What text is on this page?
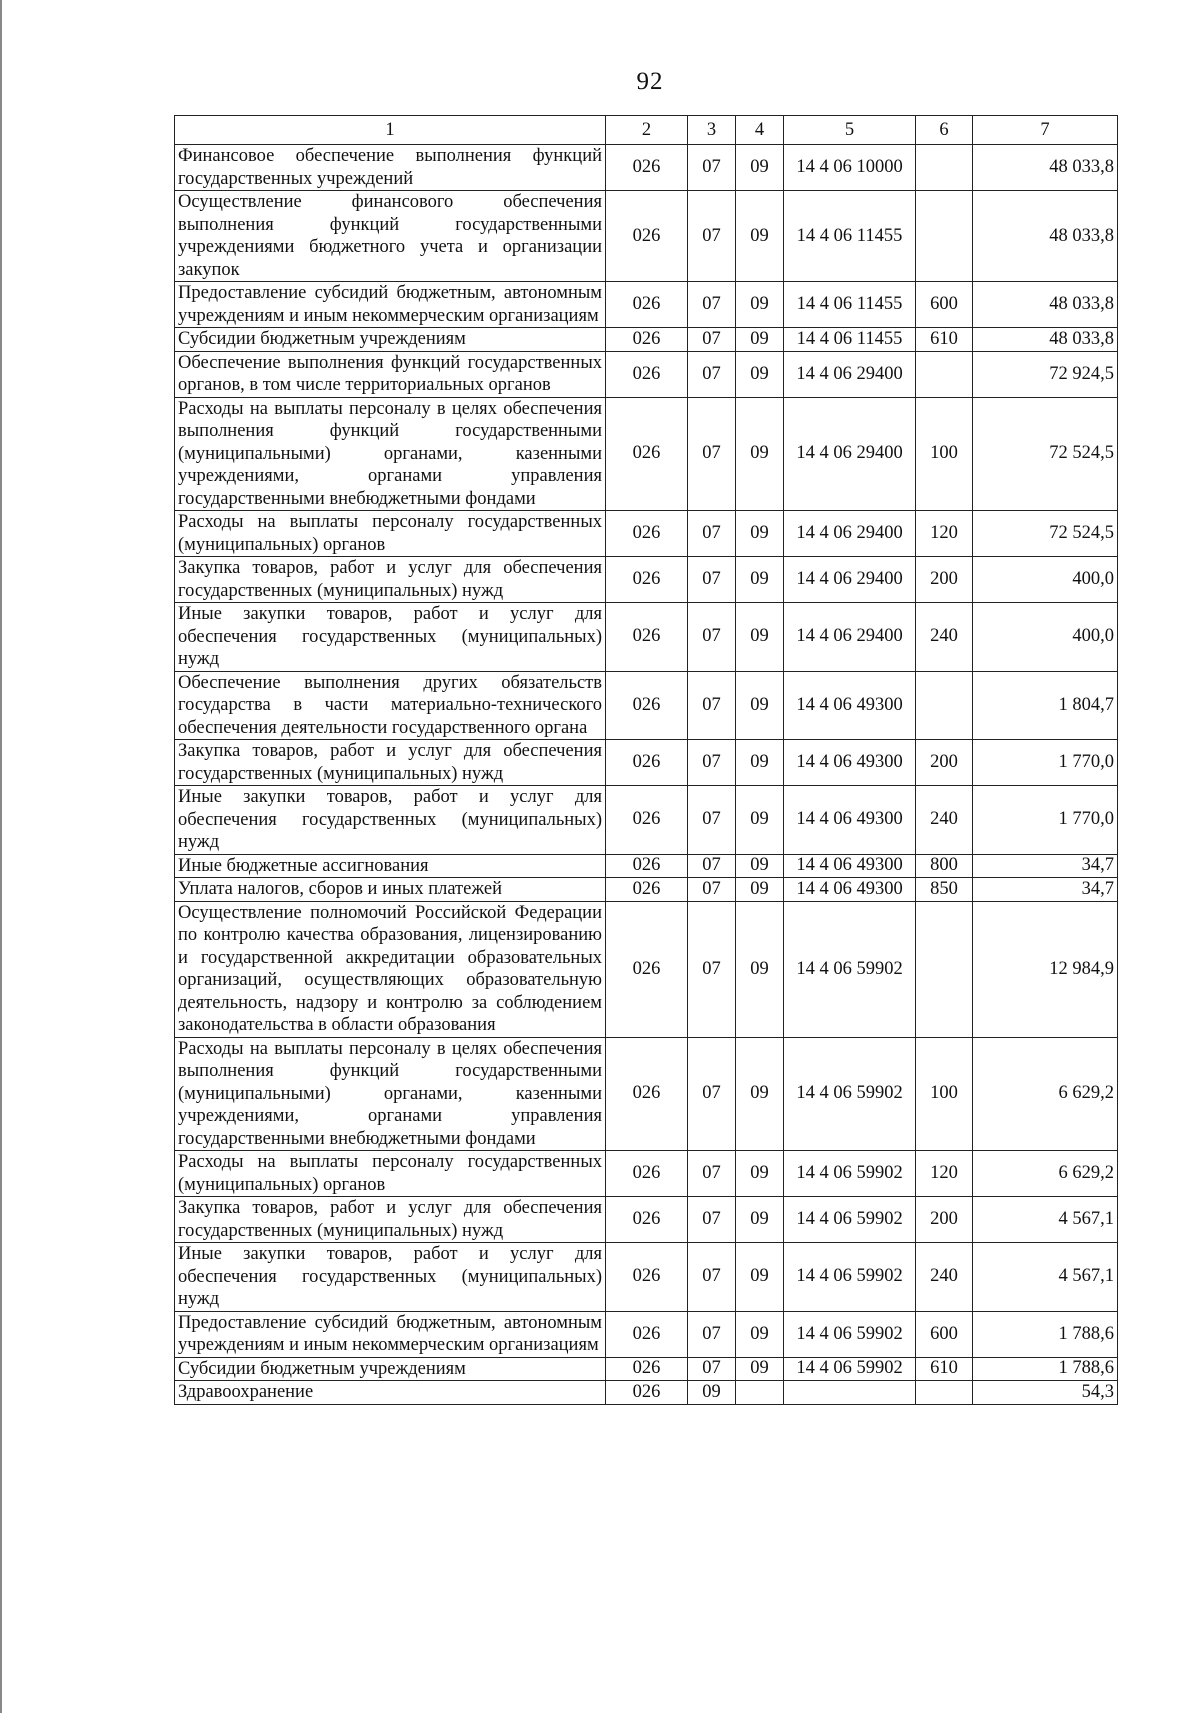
92
1	2	3	4	5	6	7
Финансовое обеспечение выполнения функций государственных учреждений	026	07	09	14 4 06 10000		48 033,8
Осуществление финансового обеспечения выполнения функций государственными учреждениями бюджетного учета и организации закупок	026	07	09	14 4 06 11455		48 033,8
Предоставление субсидий бюджетным, автономным учреждениям и иным некоммерческим организациям	026	07	09	14 4 06 11455	600	48 033,8
Субсидии бюджетным учреждениям	026	07	09	14 4 06 11455	610	48 033,8
Обеспечение выполнения функций государственных органов, в том числе территориальных органов	026	07	09	14 4 06 29400		72 924,5
Расходы на выплаты персоналу в целях обеспечения выполнения функций государственными (муниципальными) органами, казенными учреждениями, органами управления государственными внебюджетными фондами	026	07	09	14 4 06 29400	100	72 524,5
Расходы на выплаты персоналу государственных (муниципальных) органов	026	07	09	14 4 06 29400	120	72 524,5
Закупка товаров, работ и услуг для обеспечения государственных (муниципальных) нужд	026	07	09	14 4 06 29400	200	400,0
Иные закупки товаров, работ и услуг для обеспечения государственных (муниципальных) нужд	026	07	09	14 4 06 29400	240	400,0
Обеспечение выполнения других обязательств государства в части материально-технического обеспечения деятельности государственного органа	026	07	09	14 4 06 49300		1 804,7
Закупка товаров, работ и услуг для обеспечения государственных (муниципальных) нужд	026	07	09	14 4 06 49300	200	1 770,0
Иные закупки товаров, работ и услуг для обеспечения государственных (муниципальных) нужд	026	07	09	14 4 06 49300	240	1 770,0
Иные бюджетные ассигнования	026	07	09	14 4 06 49300	800	34,7
Уплата налогов, сборов и иных платежей	026	07	09	14 4 06 49300	850	34,7
Осуществление полномочий Российской Федерации по контролю качества образования, лицензированию и государственной аккредитации образовательных организаций, осуществляющих образовательную деятельность, надзору и контролю за соблюдением законодательства в области образования	026	07	09	14 4 06 59902		12 984,9
Расходы на выплаты персоналу в целях обеспечения выполнения функций государственными (муниципальными) органами, казенными учреждениями, органами управления государственными внебюджетными фондами	026	07	09	14 4 06 59902	100	6 629,2
Расходы на выплаты персоналу государственных (муниципальных) органов	026	07	09	14 4 06 59902	120	6 629,2
Закупка товаров, работ и услуг для обеспечения государственных (муниципальных) нужд	026	07	09	14 4 06 59902	200	4 567,1
Иные закупки товаров, работ и услуг для обеспечения государственных (муниципальных) нужд	026	07	09	14 4 06 59902	240	4 567,1
Предоставление субсидий бюджетным, автономным учреждениям и иным некоммерческим организациям	026	07	09	14 4 06 59902	600	1 788,6
Субсидии бюджетным учреждениям	026	07	09	14 4 06 59902	610	1 788,6
Здравоохранение	026	09				54,3
